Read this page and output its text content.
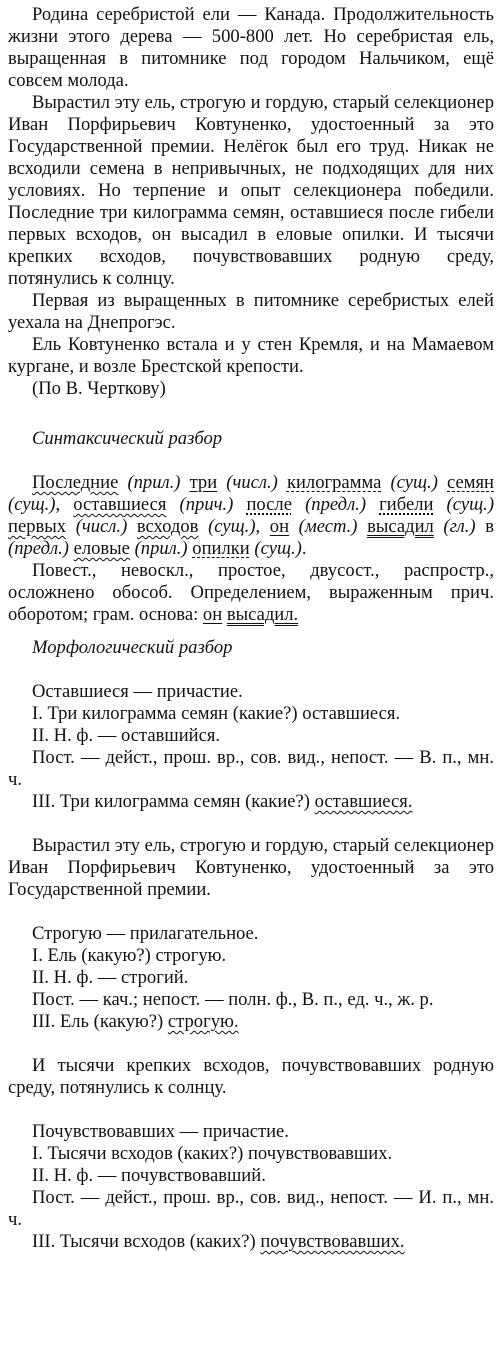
Родина серебристой ели — Канада. Продолжительность жизни этого дерева — 500-800 лет. Но серебристая ель, выращенная в питомнике под городом Нальчиком, ещё совсем молода.

Вырастил эту ель, строгую и гордую, старый селекционер Иван Порфирьевич Ковтуненко, удостоенный за это Государственной премии. Нелёгок был его труд. Никак не всходили семена в непривычных, не подходящих для них условиях. Но терпение и опыт селекционера победили. Последние три килограмма семян, оставшиеся после гибели первых всходов, он высадил в еловые опилки. И тысячи крепких всходов, почувствовавших родную среду, потянулись к солнцу.

Первая из выращенных в питомнике серебристых елей уехала на Днепрогэс.

Ель Ковтуненко встала и у стен Кремля, и на Мамаевом кургане, и возле Брестской крепости.

(По В. Черткову)

Синтаксический разбор

Последние (прил.) три (числ.) килограмма (сущ.) семян (сущ.), оставшиеся (прич.) после (предл.) гибели (сущ.) первых (числ.) всходов (сущ.), он (мест.) высадил (гл.) в (предл.) еловые (прил.) опилки (сущ.).

Повест., невоскл., простое, двусост., распростр., осложнено обособ. Определением, выраженным прич. оборотом; грам. основа: он высадил.

Морфологический разбор
Оставшиеся — причастие.
I. Три килограмма семян (какие?) оставшиеся.
II. Н. ф. — оставшийся.

Пост. — дейст., прош. вр., сов. вид., непост. — В. п., мн. ч.

III. Три килограмма семян (какие?) оставшиеся.

Вырастил эту ель, строгую и гордую, старый селекционер Иван Порфирьевич Ковтуненко, удостоенный за это Государственной премии.

Строгую — прилагательное.
I. Ель (какую?) строгую.
II. Н. ф. — строгий.
Пост. — кач.; непост. — полн. ф., В. п., ед. ч., ж. р.
III. Ель (какую?) строгую.

И тысячи крепких всходов, почувствовавших родную среду, потянулись к солнцу.

Почувствовавших — причастие.
I. Тысячи всходов (каких?) почувствовавших.
II. Н. ф. — почувствовавший.

Пост. — дейст., прош. вр., сов. вид., непост. — И. п., мн. ч.

III. Тысячи всходов (каких?) почувствовавших.
